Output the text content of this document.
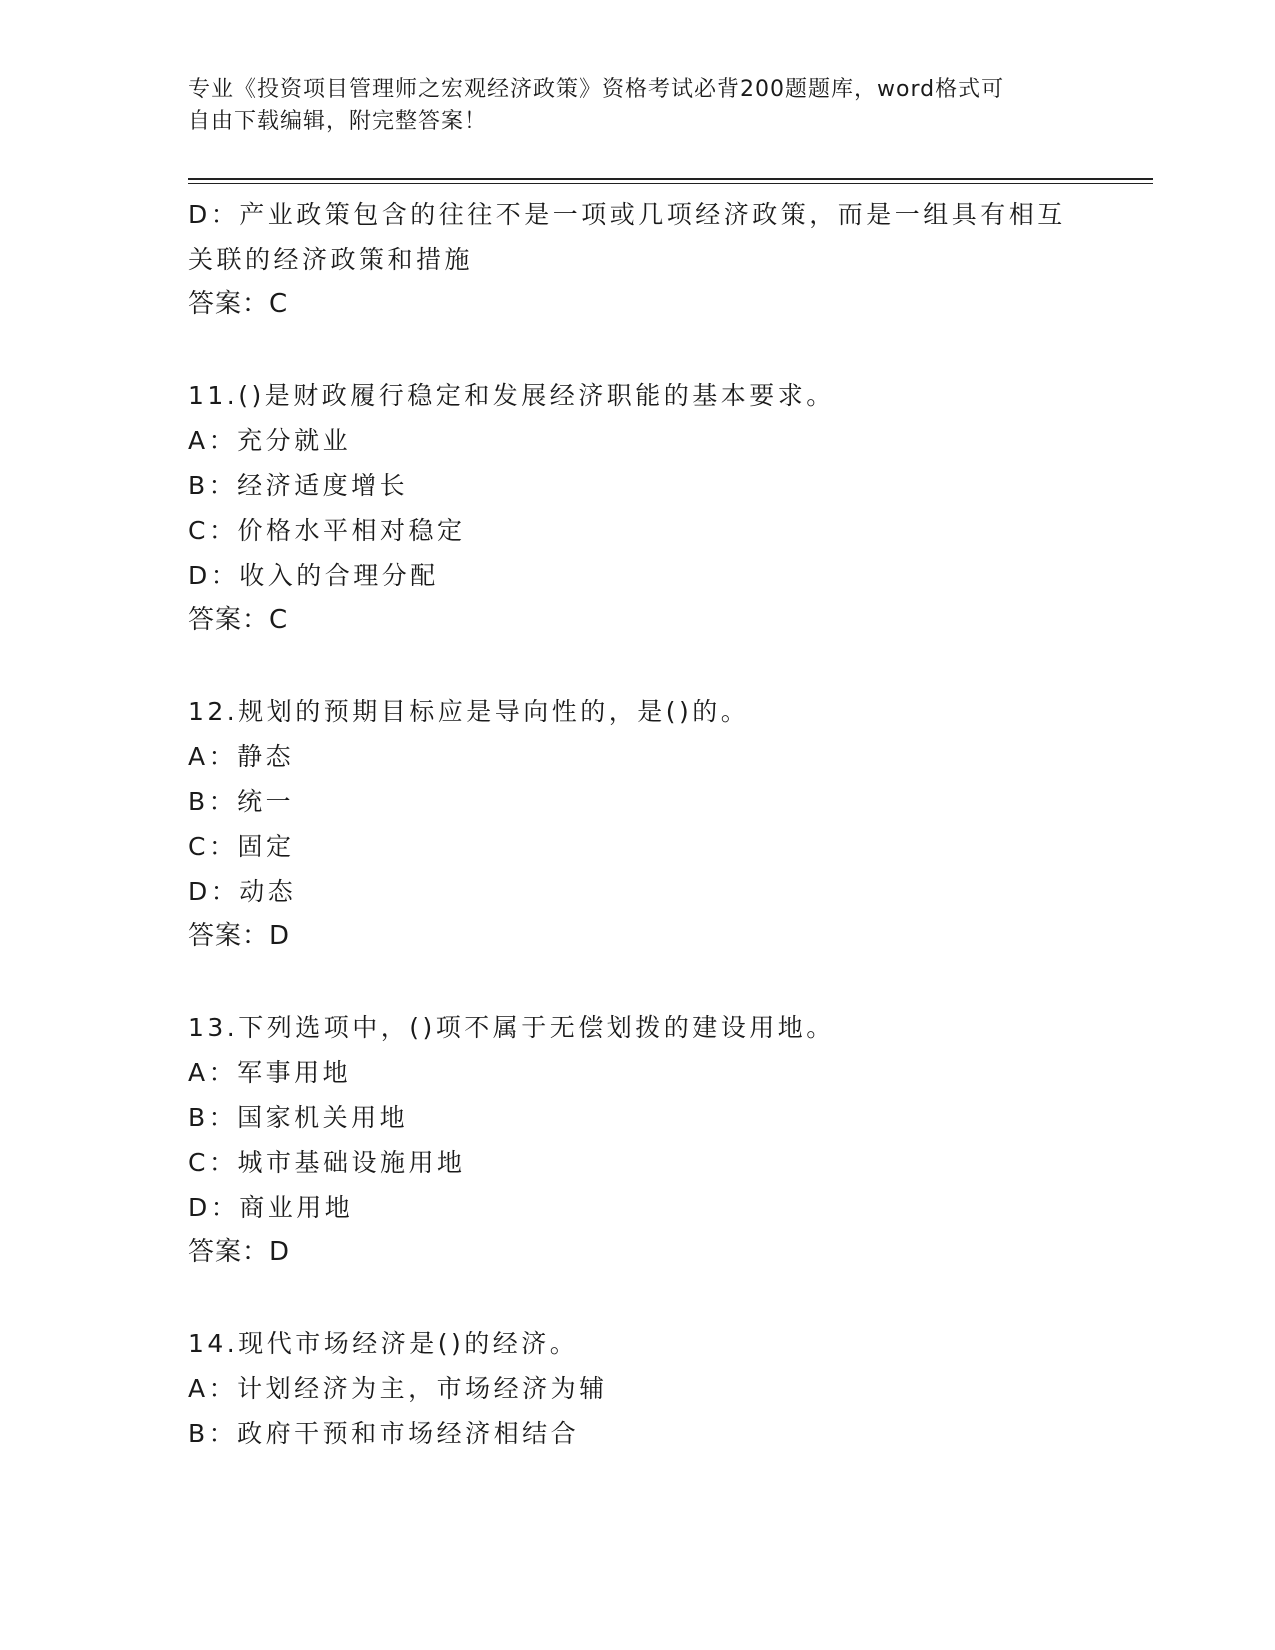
专业《投资项目管理师之宏观经济政策》资格考试必背200题题库，word格式可
自由下载编辑，附完整答案！
D：产业政策包含的往往不是一项或几项经济政策，而是一组具有相互
关联的经济政策和措施
答案：C
11.()是财政履行稳定和发展经济职能的基本要求。
A：充分就业
B：经济适度增长
C：价格水平相对稳定
D：收入的合理分配
答案：C
12.规划的预期目标应是导向性的，是()的。
A：静态
B：统一
C：固定
D：动态
答案：D
13.下列选项中，()项不属于无偿划拨的建设用地。
A：军事用地
B：国家机关用地
C：城市基础设施用地
D：商业用地
答案：D
14.现代市场经济是()的经济。
A：计划经济为主，市场经济为辅
B：政府干预和市场经济相结合
